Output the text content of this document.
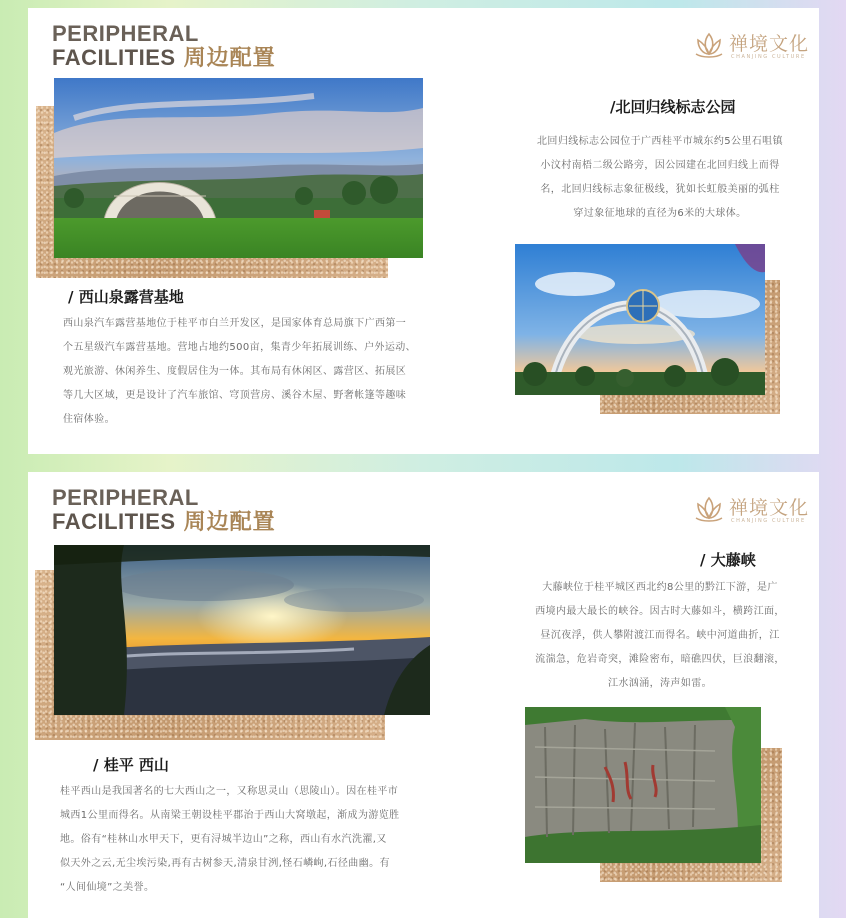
PERIPHERAL
FACILITIES 周边配置
禅境文化
CHANJING CULTURE
/ 西山泉露营基地
西山泉汽车露营基地位于桂平市白兰开发区，是国家体育总局旗下广西第一
个五星级汽车露营基地。营地占地约500亩，集青少年拓展训练、户外运动、
观光旅游、休闲养生、度假居住为一体。其布局有休闲区、露营区、拓展区
等几大区域，更是设计了汽车旅馆、穹顶营房、溪谷木屋、野奢帐篷等趣味
住宿体验。
/北回归线标志公园
北回归线标志公园位于广西桂平市城东约5公里石咀镇
小汶村南梧二级公路旁，因公园建在北回归线上而得
名，北回归线标志象征极线，犹如长虹般美丽的弧柱
穿过象征地球的直径为6米的大球体。
PERIPHERAL
FACILITIES 周边配置
禅境文化
CHANJING CULTURE
/ 桂平 西山
桂平西山是我国著名的七大西山之一，又称思灵山（思陵山）。因在桂平市
城西1公里而得名。从南梁王朝设桂平郡治于西山大窝墩起，渐成为游览胜
地。俗有“桂林山水甲天下，更有浔城半边山”之称，西山有水汽洗濯,又
似天外之云,无尘埃污染,再有古树参天,清泉甘洌,怪石嶙峋,石径曲幽。有
“人间仙境”之美誉。
/ 大藤峡
大藤峡位于桂平城区西北约8公里的黔江下游，是广
西境内最大最长的峡谷。因古时大藤如斗，横跨江面，
昼沉夜浮，供人攀附渡江而得名。峡中河道曲折，江
流湍急，危岩奇突，滩险密布，暗礁四伏，巨浪翻滚，
江水汹涌，涛声如雷。
